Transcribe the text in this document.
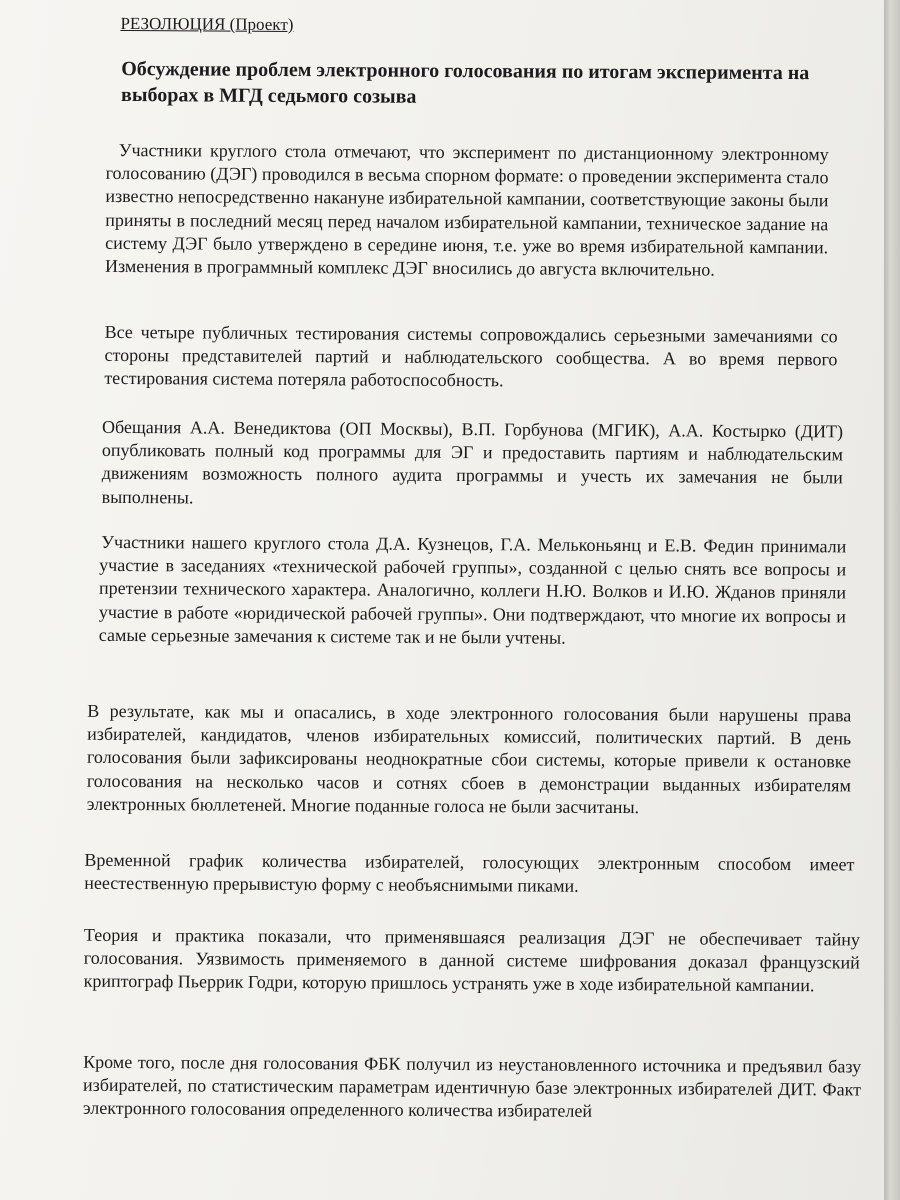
РЕЗОЛЮЦИЯ (Проект)
Обсуждение проблем электронного голосования по итогам эксперимента на выборах в МГД седьмого созыва

Участники круглого стола отмечают, что эксперимент по дистанционному электронному голосованию (ДЭГ) проводился в весьма спорном формате: о проведении эксперимента стало известно непосредственно накануне избирательной кампании, соответствующие законы были приняты в последний месяц перед началом избирательной кампании, техническое задание на систему ДЭГ было утверждено в середине июня, т.е. уже во время избирательной кампании. Изменения в программный комплекс ДЭГ вносились до августа включительно.

Все четыре публичных тестирования системы сопровождались серьезными замечаниями со стороны представителей партий и наблюдательского сообщества. А во время первого тестирования система потеряла работоспособность.

Обещания А.А. Венедиктова (ОП Москвы), В.П. Горбунова (МГИК), А.А. Костырко (ДИТ) опубликовать полный код программы для ЭГ и предоставить партиям и наблюдательским движениям возможность полного аудита программы и учесть их замечания не были выполнены.

Участники нашего круглого стола Д.А. Кузнецов, Г.А. Мельконьянц и Е.В. Федин принимали участие в заседаниях «технической рабочей группы», созданной с целью снять все вопросы и претензии технического характера. Аналогично, коллеги Н.Ю. Волков и И.Ю. Жданов приняли участие в работе «юридической рабочей группы». Они подтверждают, что многие их вопросы и самые серьезные замечания к системе так и не были учтены.

В результате, как мы и опасались, в ходе электронного голосования были нарушены права избирателей, кандидатов, членов избирательных комиссий, политических партий. В день голосования были зафиксированы неоднократные сбои системы, которые привели к остановке голосования на несколько часов и сотнях сбоев в демонстрации выданных избирателям электронных бюллетеней. Многие поданные голоса не были засчитаны.

Временной график количества избирателей, голосующих электронным способом имеет неестественную прерывистую форму с необъяснимыми пиками.

Теория и практика показали, что применявшаяся реализация ДЭГ не обеспечивает тайну голосования. Уязвимость применяемого в данной системе шифрования доказал французский криптограф Пьеррик Годри, которую пришлось устранять уже в ходе избирательной кампании.

Кроме того, после дня голосования ФБК получил из неустановленного источника и предъявил базу избирателей, по статистическим параметрам идентичную базе электронных избирателей ДИТ. Факт электронного голосования определенного количества избирателей
